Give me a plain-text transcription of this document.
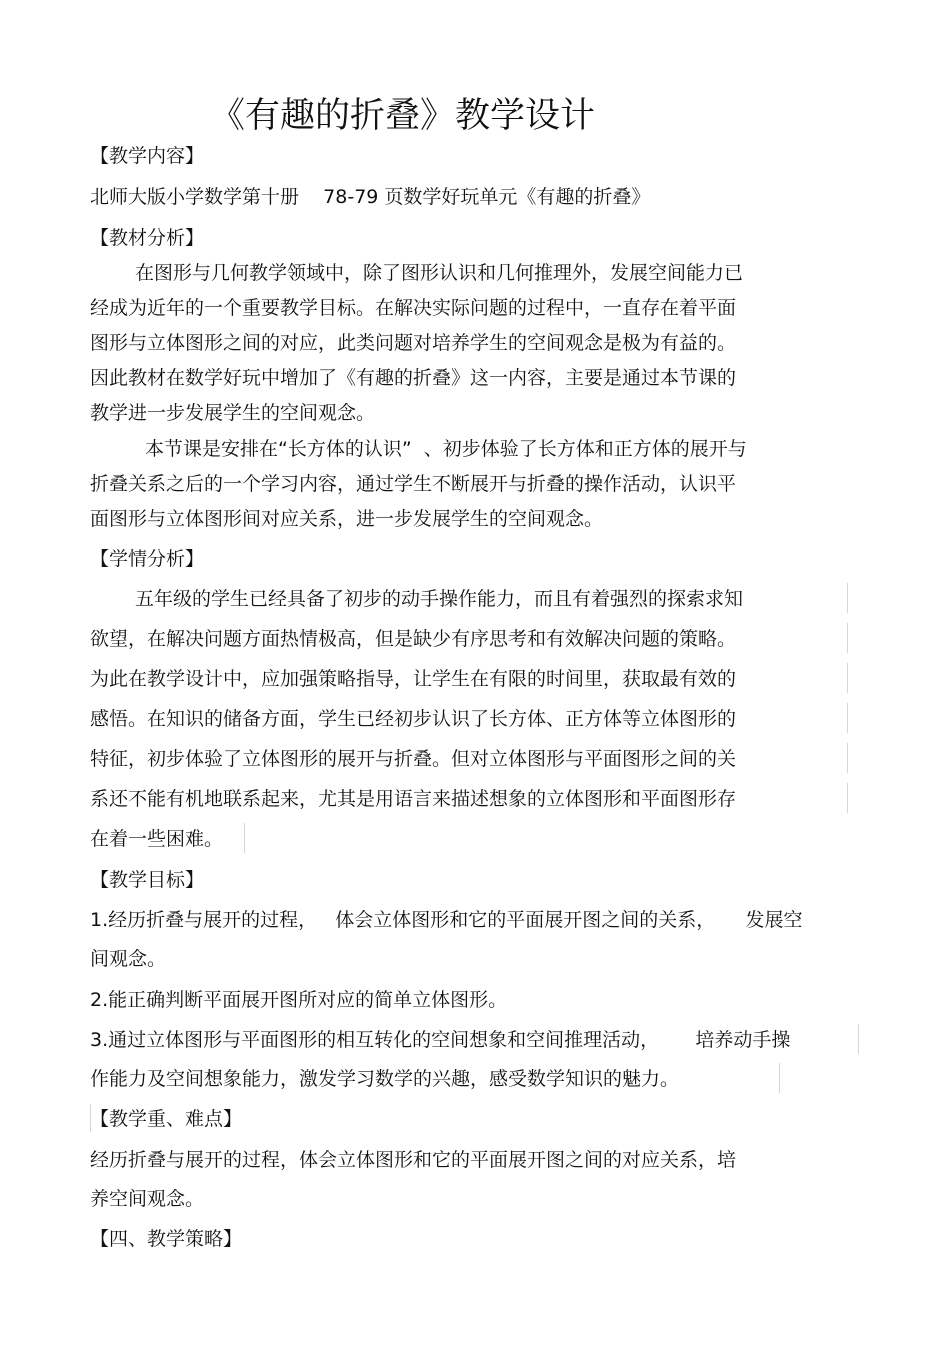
《有趣的折叠》教学设计
【教学内容】
北师大版小学数学第十册    78-79 页数学好玩单元《有趣的折叠》
【教材分析】
在图形与几何教学领域中，除了图形认识和几何推理外，发展空间能力已
经成为近年的一个重要教学目标。在解决实际问题的过程中，一直存在着平面
图形与立体图形之间的对应，此类问题对培养学生的空间观念是极为有益的。
因此教材在数学好玩中增加了《有趣的折叠》这一内容，主要是通过本节课的
教学进一步发展学生的空间观念。
本节课是安排在“长方体的认识”  、初步体验了长方体和正方体的展开与
折叠关系之后的一个学习内容，通过学生不断展开与折叠的操作活动，认识平
面图形与立体图形间对应关系，进一步发展学生的空间观念。
【学情分析】
五年级的学生已经具备了初步的动手操作能力，而且有着强烈的探索求知
欲望，在解决问题方面热情极高，但是缺少有序思考和有效解决问题的策略。
为此在教学设计中，应加强策略指导，让学生在有限的时间里，获取最有效的
感悟。在知识的储备方面，学生已经初步认识了长方体、正方体等立体图形的
特征，初步体验了立体图形的展开与折叠。但对立体图形与平面图形之间的关
系还不能有机地联系起来，尤其是用语言来描述想象的立体图形和平面图形存
在着一些困难。
【教学目标】
1.经历折叠与展开的过程，   体会立体图形和它的平面展开图之间的关系，     发展空
间观念。
2.能正确判断平面展开图所对应的简单立体图形。
3.通过立体图形与平面图形的相互转化的空间想象和空间推理活动，      培养动手操
作能力及空间想象能力，激发学习数学的兴趣，感受数学知识的魅力。
【教学重、难点】
经历折叠与展开的过程，体会立体图形和它的平面展开图之间的对应关系，培
养空间观念。
【四、教学策略】
